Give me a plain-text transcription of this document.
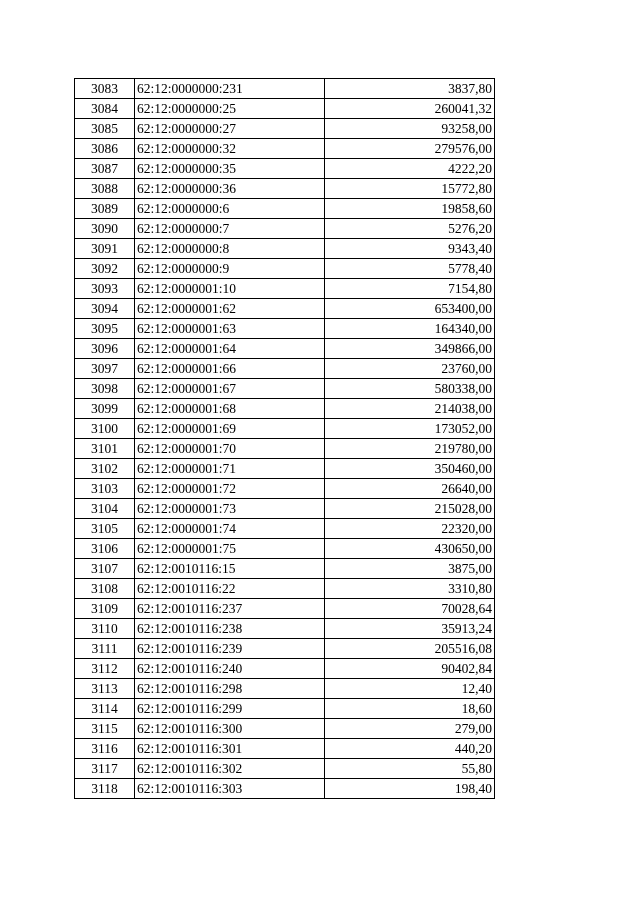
3083	62:12:0000000:231	3837,80
3084	62:12:0000000:25	260041,32
3085	62:12:0000000:27	93258,00
3086	62:12:0000000:32	279576,00
3087	62:12:0000000:35	4222,20
3088	62:12:0000000:36	15772,80
3089	62:12:0000000:6	19858,60
3090	62:12:0000000:7	5276,20
3091	62:12:0000000:8	9343,40
3092	62:12:0000000:9	5778,40
3093	62:12:0000001:10	7154,80
3094	62:12:0000001:62	653400,00
3095	62:12:0000001:63	164340,00
3096	62:12:0000001:64	349866,00
3097	62:12:0000001:66	23760,00
3098	62:12:0000001:67	580338,00
3099	62:12:0000001:68	214038,00
3100	62:12:0000001:69	173052,00
3101	62:12:0000001:70	219780,00
3102	62:12:0000001:71	350460,00
3103	62:12:0000001:72	26640,00
3104	62:12:0000001:73	215028,00
3105	62:12:0000001:74	22320,00
3106	62:12:0000001:75	430650,00
3107	62:12:0010116:15	3875,00
3108	62:12:0010116:22	3310,80
3109	62:12:0010116:237	70028,64
3110	62:12:0010116:238	35913,24
3111	62:12:0010116:239	205516,08
3112	62:12:0010116:240	90402,84
3113	62:12:0010116:298	12,40
3114	62:12:0010116:299	18,60
3115	62:12:0010116:300	279,00
3116	62:12:0010116:301	440,20
3117	62:12:0010116:302	55,80
3118	62:12:0010116:303	198,40
